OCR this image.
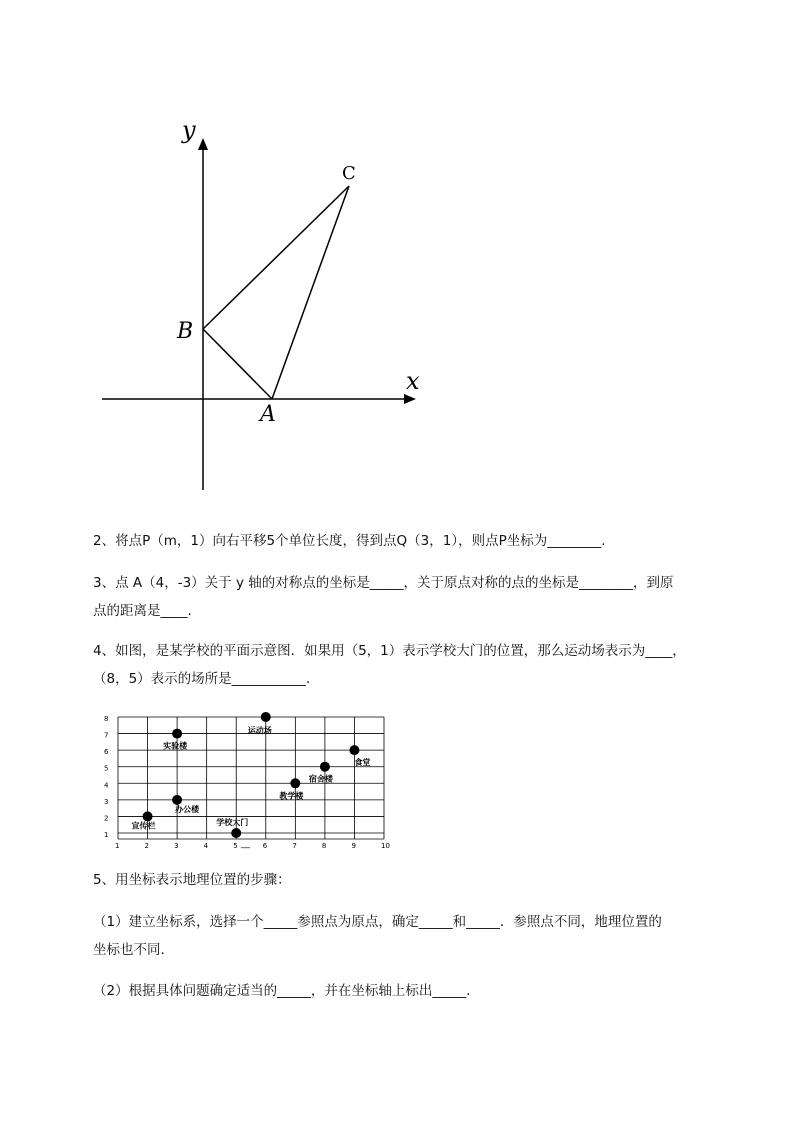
x
y
A
B
C
2、将点P（m，1）向右平移5个单位长度，得到点Q（3，1），则点P坐标为________.
3、点 A（4，-3）关于 y 轴的对称点的坐标是_____，关于原点对称的点的坐标是________，到原
点的距离是____.
4、如图，是某学校的平面示意图．如果用（5，1）表示学校大门的位置，那么运动场表示为____，
（8，5）表示的场所是___________.
1	2	3	4	5	6	7	8	9	10
1
2
3
4
5
6
7
8
宣传栏
实验楼
办公楼
学校大门
运动场
教学楼
宿舍楼
食堂
__
5、用坐标表示地理位置的步骤：
（1）建立坐标系，选择一个_____参照点为原点，确定_____和_____．参照点不同，地理位置的
坐标也不同．
（2）根据具体问题确定适当的_____，并在坐标轴上标出_____.
